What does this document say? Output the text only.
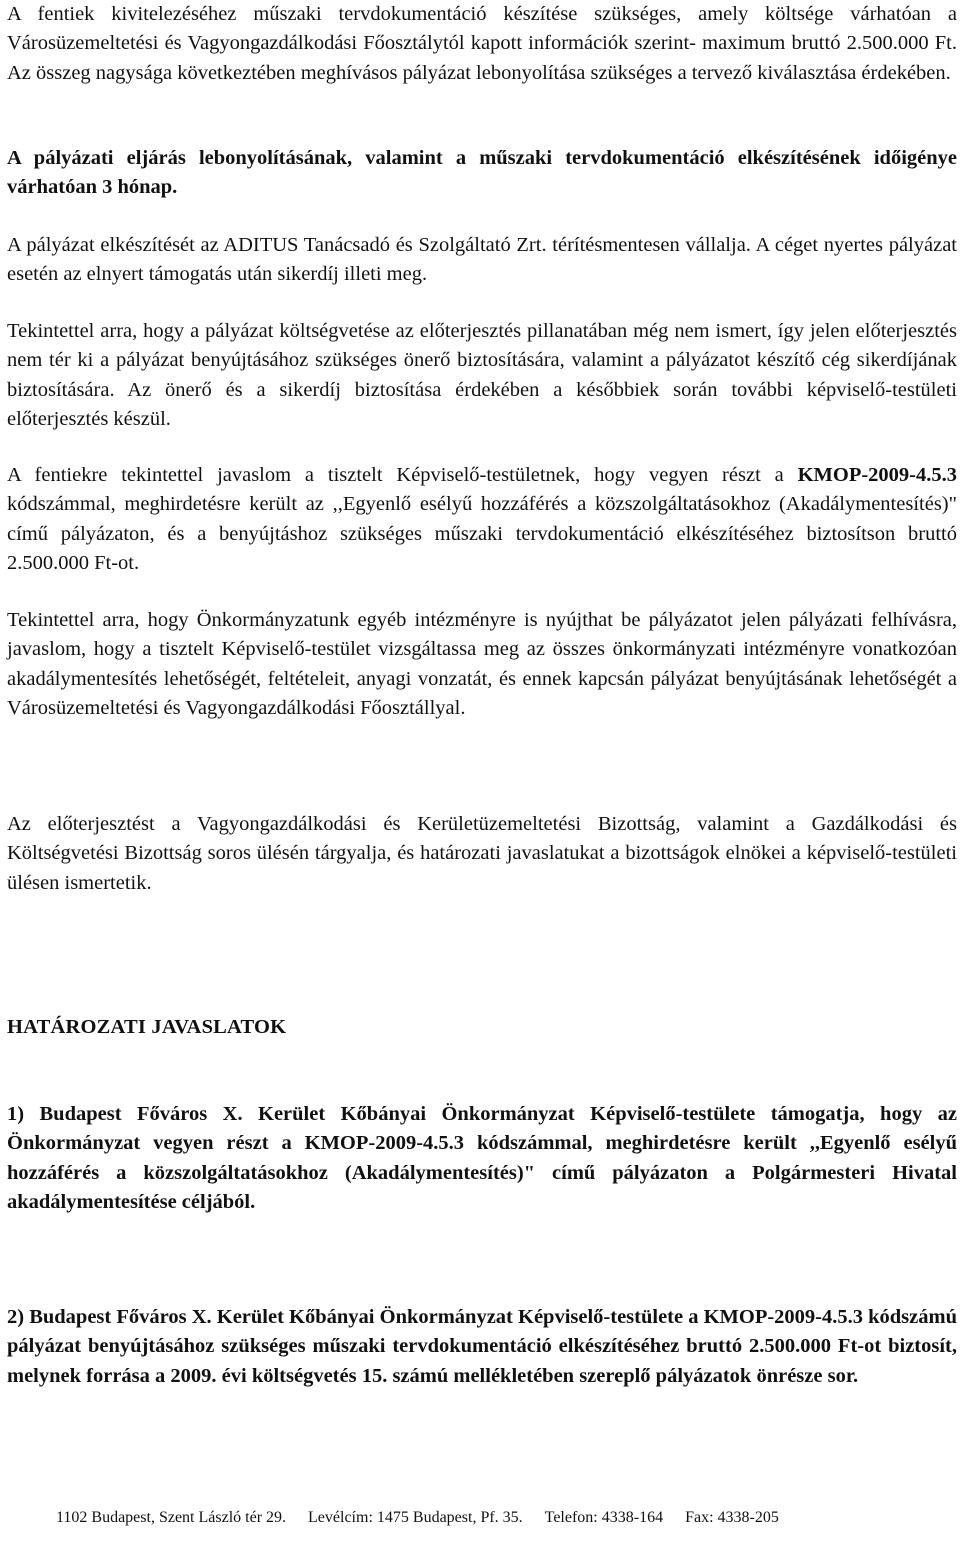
A fentiek kivitelezéséhez műszaki tervdokumentáció készítése szükséges, amely költsége várhatóan a Városüzemeltetési és Vagyongazdálkodási Főosztálytól kapott információk szerint- maximum bruttó 2.500.000 Ft. Az összeg nagysága következtében meghívásos pályázat lebonyolítása szükséges a tervező kiválasztása érdekében.

A pályázati eljárás lebonyolításának, valamint a műszaki tervdokumentáció elkészítésének időigénye várhatóan 3 hónap.

A pályázat elkészítését az ADITUS Tanácsadó és Szolgáltató Zrt. térítésmentesen vállalja. A céget nyertes pályázat esetén az elnyert támogatás után sikerdíj illeti meg.

Tekintettel arra, hogy a pályázat költségvetése az előterjesztés pillanatában még nem ismert, így jelen előterjesztés nem tér ki a pályázat benyújtásához szükséges önerő biztosítására, valamint a pályázatot készítő cég sikerdíjának biztosítására. Az önerő és a sikerdíj biztosítása érdekében a későbbiek során további képviselő-testületi előterjesztés készül.

A fentiekre tekintettel javaslom a tisztelt Képviselő-testületnek, hogy vegyen részt a KMOP-2009-4.5.3 kódszámmal, meghirdetésre került az ,,Egyenlő esélyű hozzáférés a közszolgáltatásokhoz (Akadálymentesítés)" című pályázaton, és a benyújtáshoz szükséges műszaki tervdokumentáció elkészítéséhez biztosítson bruttó 2.500.000 Ft-ot.

Tekintettel arra, hogy Önkormányzatunk egyéb intézményre is nyújthat be pályázatot jelen pályázati felhívásra, javaslom, hogy a tisztelt Képviselő-testület vizsgáltassa meg az összes önkormányzati intézményre vonatkozóan akadálymentesítés lehetőségét, feltételeit, anyagi vonzatát, és ennek kapcsán pályázat benyújtásának lehetőségét a Városüzemeltetési és Vagyongazdálkodási Főosztállyal.

Az előterjesztést a Vagyongazdálkodási és Kerületüzemeltetési Bizottság, valamint a Gazdálkodási és Költségvetési Bizottság soros ülésén tárgyalja, és határozati javaslatukat a bizottságok elnökei a képviselő-testületi ülésen ismertetik.

HATÁROZATI JAVASLATOK

1) Budapest Főváros X. Kerület Kőbányai Önkormányzat Képviselő-testülete támogatja, hogy az Önkormányzat vegyen részt a KMOP-2009-4.5.3 kódszámmal, meghirdetésre került ,,Egyenlő esélyű hozzáférés a közszolgáltatásokhoz (Akadálymentesítés)" című pályázaton a Polgármesteri Hivatal akadálymentesítése céljából.

2) Budapest Főváros X. Kerület Kőbányai Önkormányzat Képviselő-testülete a KMOP-2009-4.5.3 kódszámú pályázat benyújtásához szükséges műszaki tervdokumentáció elkészítéséhez bruttó 2.500.000 Ft-ot biztosít, melynek forrása a 2009. évi költségvetés 15. számú mellékletében szereplő pályázatok önrésze sor.

1102 Budapest, Szent László tér 29. Levélcím: 1475 Budapest, Pf. 35. Telefon: 4338-164 Fax: 4338-205
